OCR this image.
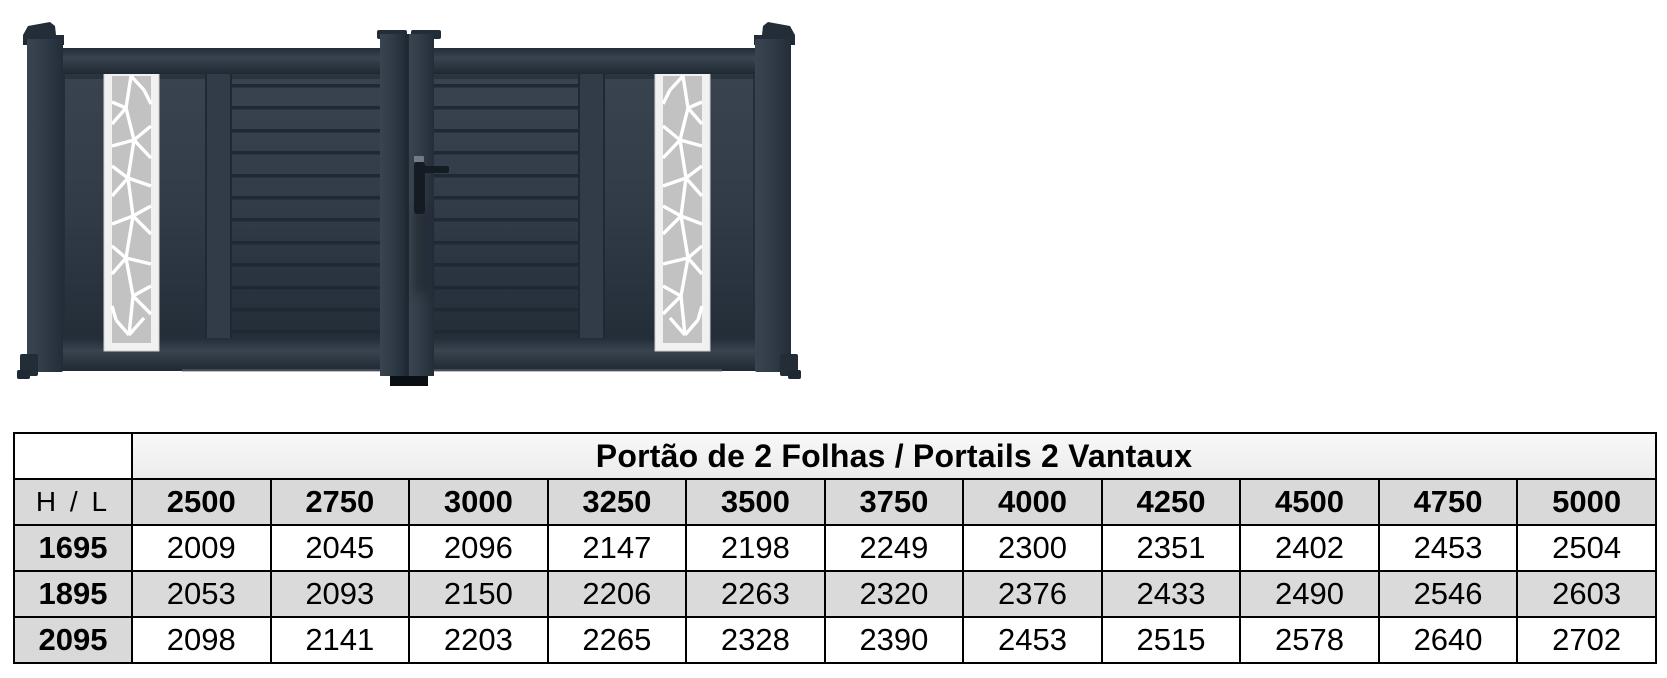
	Portão de 2 Folhas / Portails 2 Vantaux										
H / L	2500	2750	3000	3250	3500	3750	4000	4250	4500	4750	5000
1695	2009	2045	2096	2147	2198	2249	2300	2351	2402	2453	2504
1895	2053	2093	2150	2206	2263	2320	2376	2433	2490	2546	2603
2095	2098	2141	2203	2265	2328	2390	2453	2515	2578	2640	2702
